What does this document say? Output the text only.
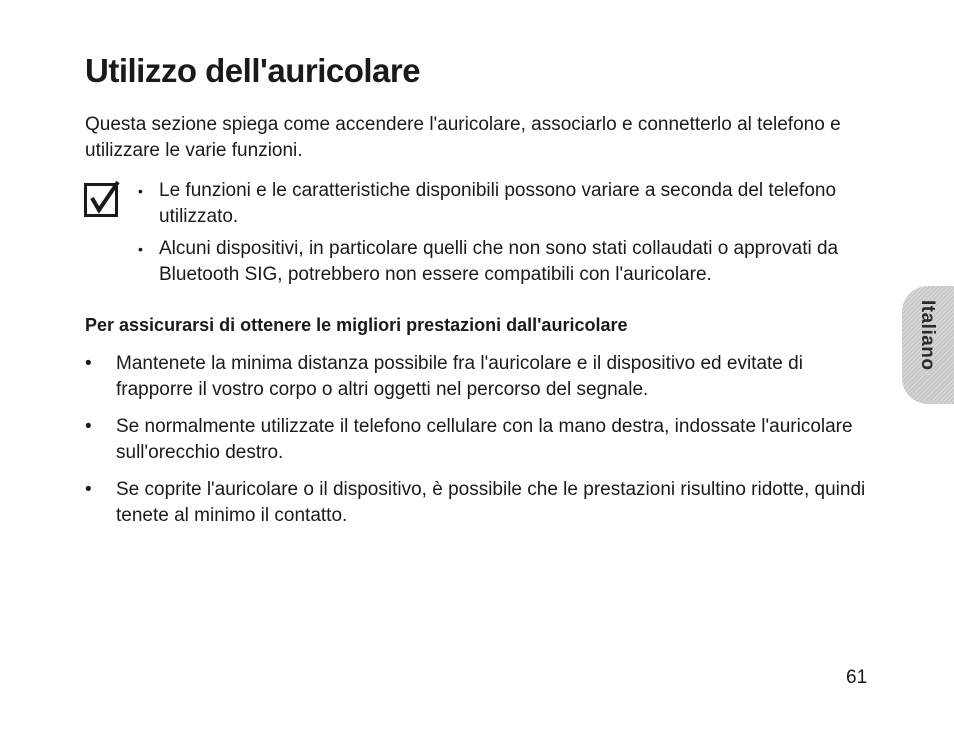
Utilizzo dell'auricolare

Questa sezione spiega come accendere l'auricolare, associarlo e connetterlo al telefono e utilizzare le varie funzioni.

• Le funzioni e le caratteristiche disponibili possono variare a seconda del telefono utilizzato.
• Alcuni dispositivi, in particolare quelli che non sono stati collaudati o approvati da Bluetooth SIG, potrebbero non essere compatibili con l'auricolare.
Per assicurarsi di ottenere le migliori prestazioni dall'auricolare
• Mantenete la minima distanza possibile fra l'auricolare e il dispositivo ed evitate di frapporre il vostro corpo o altri oggetti nel percorso del segnale.
• Se normalmente utilizzate il telefono cellulare con la mano destra, indossate l'auricolare sull'orecchio destro.
• Se coprite l'auricolare o il dispositivo, è possibile che le prestazioni risultino ridotte, quindi tenete al minimo il contatto.
Italiano
61
